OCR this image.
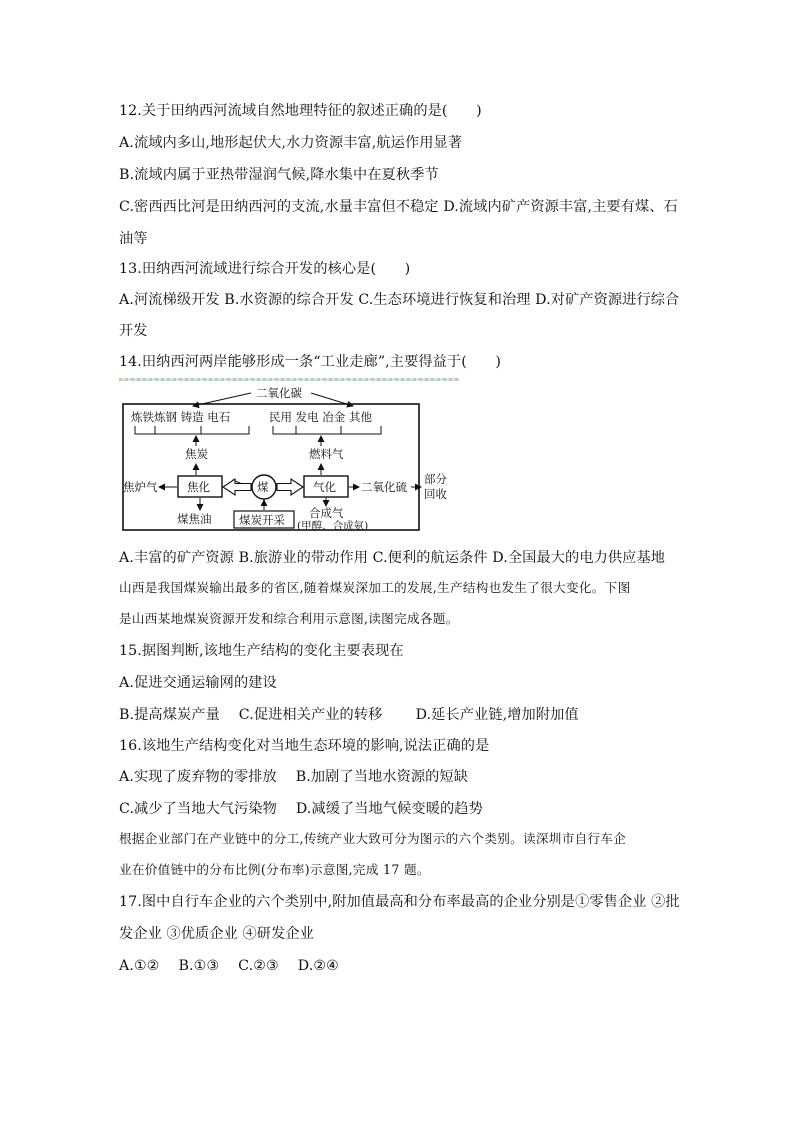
12.关于田纳西河流域自然地理特征的叙述正确的是(　　)
A.流域内多山,地形起伏大,水力资源丰富,航运作用显著
B.流域内属于亚热带湿润气候,降水集中在夏秋季节
C.密西西比河是田纳西河的支流,水量丰富但不稳定 D.流域内矿产资源丰富,主要有煤、石
油等
13.田纳西河流域进行综合开发的核心是(　　)
A.河流梯级开发 B.水资源的综合开发 C.生态环境进行恢复和治理 D.对矿产资源进行综合
开发
14.田纳西河两岸能够形成一条“工业走廊”,主要得益于(　　)
二氧化碳
炼铁炼钢 铸造 电石	民用 发电 冶金 其他
焦炭	燃料气
焦炉气	焦化	煤	气化 二氧化硫
部分
回收
煤焦油 煤炭开采 合成气
(甲醇、合成氨)
A.丰富的矿产资源 B.旅游业的带动作用 C.便利的航运条件 D.全国最大的电力供应基地
山西是我国煤炭输出最多的省区,随着煤炭深加工的发展,生产结构也发生了很大变化。下图
是山西某地煤炭资源开发和综合利用示意图,读图完成各题。
15.据图判断,该地生产结构的变化主要表现在
A.促进交通运输网的建设
B.提高煤炭产量　 C.促进相关产业的转移　　 D.延长产业链,增加附加值
16.该地生产结构变化对当地生态环境的影响,说法正确的是
A.实现了废弃物的零排放　 B.加剧了当地水资源的短缺
C.减少了当地大气污染物　 D.减缓了当地气候变暖的趋势
根据企业部门在产业链中的分工,传统产业大致可分为图示的六个类别。读深圳市自行车企
业在价值链中的分布比例(分布率)示意图,完成 17 题。
17.图中自行车企业的六个类别中,附加值最高和分布率最高的企业分别是①零售企业 ②批
发企业 ③优质企业 ④研发企业
A.①②　 B.①③　 C.②③　 D.②④
